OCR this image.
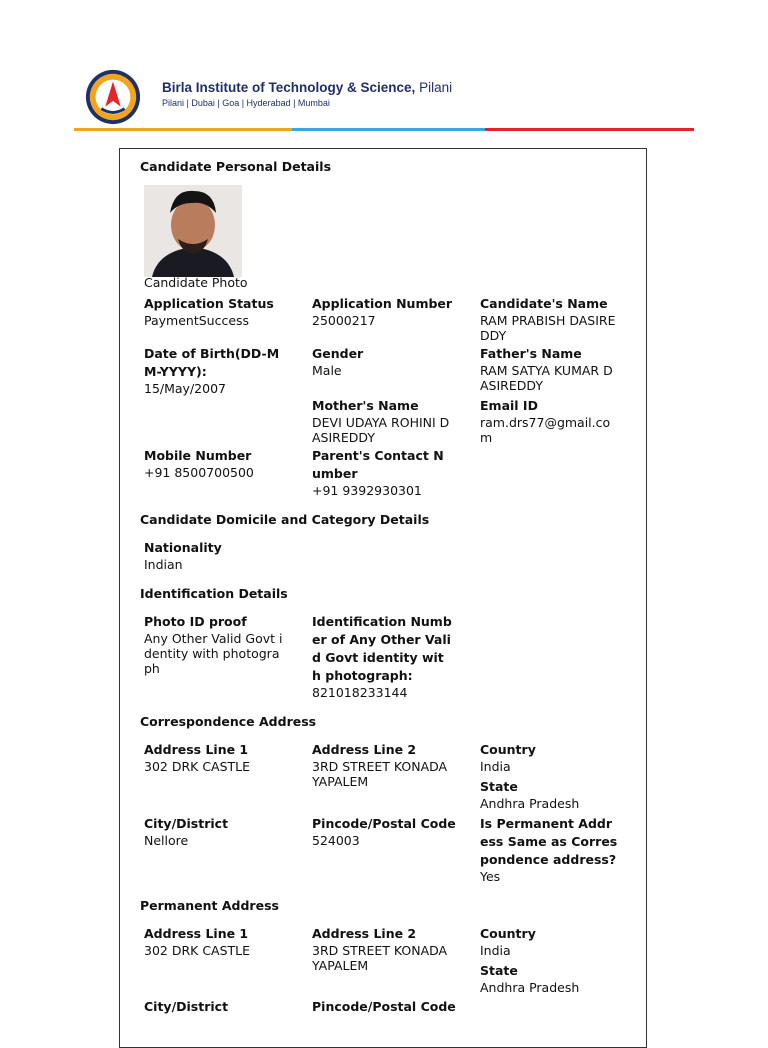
Birla Institute of Technology & Science, Pilani
Pilani | Dubai | Goa | Hyderabad | Mumbai
Candidate Personal Details
Candidate Photo
Application Status
PaymentSuccess
Application Number
25000217
Candidate's Name
RAM PRABISH DASIREDDY
Date of Birth(DD-MM-YYYY):
15/May/2007
Gender
Male
Father's Name
RAM SATYA KUMAR DASIREDDY
Mother's Name
DEVI UDAYA ROHINI DASIREDDY
Email ID
ram.drs77@gmail.com
Mobile Number
+91 8500700500
Parent's Contact Number
+91 9392930301
Candidate Domicile and Category Details
Nationality
Indian
Identification Details
Photo ID proof
Any Other Valid Govt identity with photograph
Identification Number of Any Other Valid Govt identity with photograph:
821018233144
Correspondence Address
Address Line 1
302 DRK CASTLE
Address Line 2
3RD STREET KONADA YAPALEM
Country
India
State
Andhra Pradesh
City/District
Nellore
Pincode/Postal Code
524003
Is Permanent Address Same as Correspondence address?
Yes
Permanent Address
Address Line 1
302 DRK CASTLE
Address Line 2
3RD STREET KONADA YAPALEM
Country
India
State
Andhra Pradesh
City/District	Pincode/Postal Code
